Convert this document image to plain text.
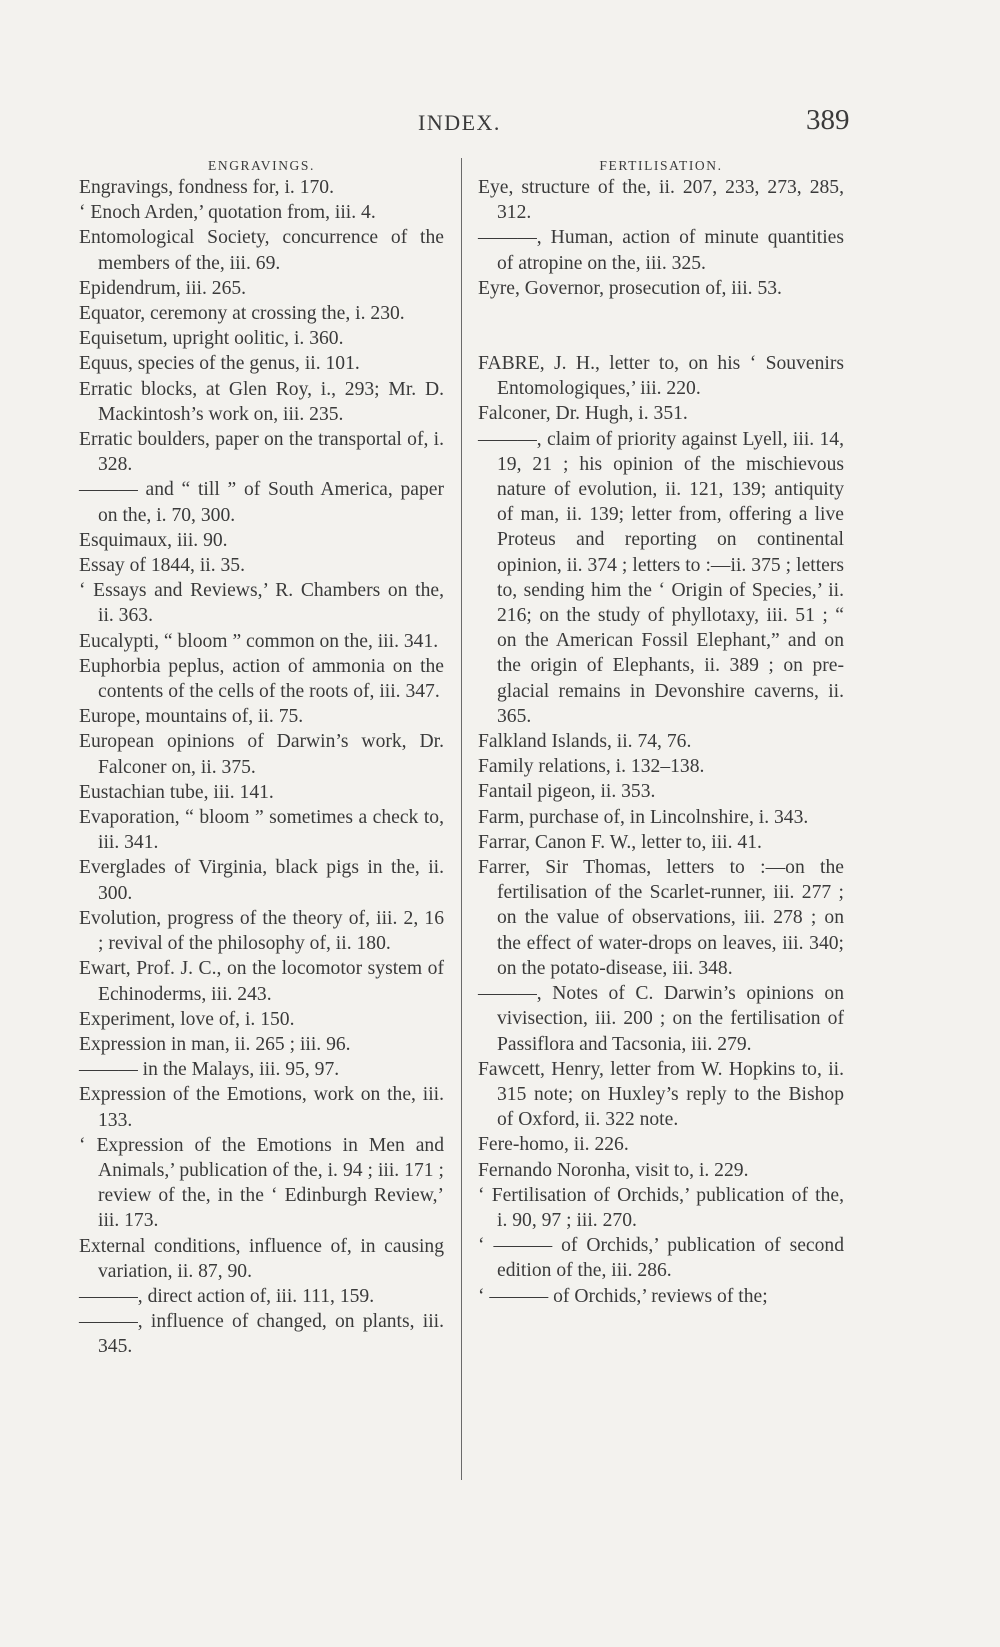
INDEX.	389
ENGRAVINGS.

Engravings, fondness for, i. 170.

‘ Enoch Arden,’ quotation from, iii. 4.

Entomological Society, concurrence of the members of the, iii. 69.

Epidendrum, iii. 265.

Equator, ceremony at crossing the, i. 230.

Equisetum, upright oolitic, i. 360.

Equus, species of the genus, ii. 101.

Erratic blocks, at Glen Roy, i., 293; Mr. D. Mackintosh’s work on, iii. 235.

Erratic boulders, paper on the transportal of, i. 328.

——— and “ till ” of South America, paper on the, i. 70, 300.

Esquimaux, iii. 90.

Essay of 1844, ii. 35.

‘ Essays and Reviews,’ R. Chambers on the, ii. 363.

Eucalypti, “ bloom ” common on the, iii. 341.

Euphorbia peplus, action of ammonia on the contents of the cells of the roots of, iii. 347.

Europe, mountains of, ii. 75.

European opinions of Darwin’s work, Dr. Falconer on, ii. 375.

Eustachian tube, iii. 141.

Evaporation, “ bloom ” sometimes a check to, iii. 341.

Everglades of Virginia, black pigs in the, ii. 300.

Evolution, progress of the theory of, iii. 2, 16 ; revival of the philosophy of, ii. 180.

Ewart, Prof. J. C., on the locomotor system of Echinoderms, iii. 243.

Experiment, love of, i. 150.

Expression in man, ii. 265 ; iii. 96.

——— in the Malays, iii. 95, 97.

Expression of the Emotions, work on the, iii. 133.

‘ Expression of the Emotions in Men and Animals,’ publication of the, i. 94 ; iii. 171 ; review of the, in the ‘ Edinburgh Review,’ iii. 173.

External conditions, influence of, in causing variation, ii. 87, 90.

———, direct action of, iii. 111, 159.

———, influence of changed, on plants, iii. 345.

FERTILISATION.

Eye, structure of the, ii. 207, 233, 273, 285, 312.

———, Human, action of minute quantities of atropine on the, iii. 325.

Eyre, Governor, prosecution of, iii. 53.

FABRE, J. H., letter to, on his ‘ Souvenirs Entomologiques,’ iii. 220.

Falconer, Dr. Hugh, i. 351.

———, claim of priority against Lyell, iii. 14, 19, 21 ; his opinion of the mischievous nature of evolution, ii. 121, 139; antiquity of man, ii. 139; letter from, offering a live Proteus and reporting on continental opinion, ii. 374 ; letters to :—ii. 375 ; letters to, sending him the ‘ Origin of Species,’ ii. 216; on the study of phyllotaxy, iii. 51 ; “ on the American Fossil Elephant,” and on the origin of Elephants, ii. 389 ; on pre-glacial remains in Devonshire caverns, ii. 365.

Falkland Islands, ii. 74, 76.

Family relations, i. 132–138.

Fantail pigeon, ii. 353.

Farm, purchase of, in Lincolnshire, i. 343.

Farrar, Canon F. W., letter to, iii. 41.

Farrer, Sir Thomas, letters to :—on the fertilisation of the Scarlet-runner, iii. 277 ; on the value of observations, iii. 278 ; on the effect of water-drops on leaves, iii. 340; on the potato-disease, iii. 348.

———, Notes of C. Darwin’s opinions on vivisection, iii. 200 ; on the fertilisation of Passiflora and Tacsonia, iii. 279.

Fawcett, Henry, letter from W. Hopkins to, ii. 315 note; on Huxley’s reply to the Bishop of Oxford, ii. 322 note.

Fere-homo, ii. 226.

Fernando Noronha, visit to, i. 229.

‘ Fertilisation of Orchids,’ publication of the, i. 90, 97 ; iii. 270.

‘ ——— of Orchids,’ publication of second edition of the, iii. 286.

‘ ——— of Orchids,’ reviews of the;
